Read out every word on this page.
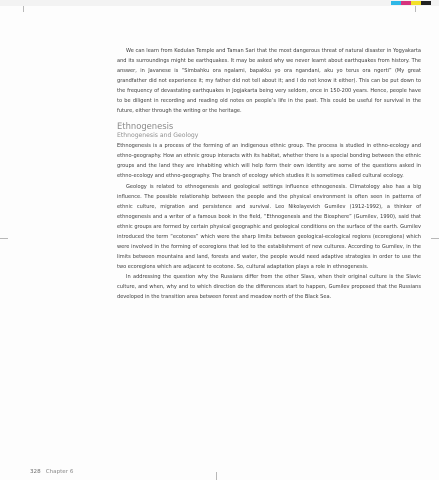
We can learn from Kedulan Temple and Taman Sari that the most dangerous threat of natural disaster in Yogyakarta and its surroundings might be earthquakes. It may be asked why we never learnt about earthquakes from history. The answer, in Javanese is “Simbahku ora ngalami, bapakku yo ora ngandani, aku yo terus ora ngerti” (My great grandfather did not experience it; my father did not tell about it; and I do not know it either). This can be put down to the frequency of devastating earthquakes in Jogjakarta being very seldom, once in 150-200 years. Hence, people have to be diligent in recording and reading old notes on people’s life in the past. This could be useful for survival in the future, either through the writing or the heritage.

Ethnogenesis
Ethnogenesis and Geology

Ethnogenesis is a process of the forming of an indigenous ethnic group. The process is studied in ethno-ecology and ethno-geography. How an ethnic group interacts with its habitat, whether there is a special bonding between the ethnic groups and the land they are inhabiting which will help form their own identity are some of the questions asked in ethno-ecology and ethno-geography. The branch of ecology which studies it is sometimes called cultural ecology.

Geology is related to ethnogenesis and geological settings influence ethnogenesis. Climatology also has a big influence. The possible relationship between the people and the physical environment is often seen in patterns of ethnic culture, migration and persistence and survival. Leo Nikolayevich Gumilev (1912-1992), a thinker of ethnogenesis and a writer of a famous book in the field, “Ethnogenesis and the Biosphere” (Gumilev, 1990), said that ethnic groups are formed by certain physical geographic and geological conditions on the surface of the earth. Gumilev introduced the term “ecotones” which were the sharp limits between geological-ecological regions (ecoregions) which were involved in the forming of ecoregions that led to the establishment of new cultures. According to Gumilev, in the limits between mountains and land, forests and water, the people would need adaptive strategies in order to use the two ecoregions which are adjacent to ecotone. So, cultural adaptation plays a role in ethnogenesis.

In addressing the question why the Russians differ from the other Slavs, when their original culture is the Slavic culture, and when, why and to which direction do the differences start to happen, Gumilev proposed that the Russians developed in the transition area between forest and meadow north of the Black Sea.

328 Chapter 6
